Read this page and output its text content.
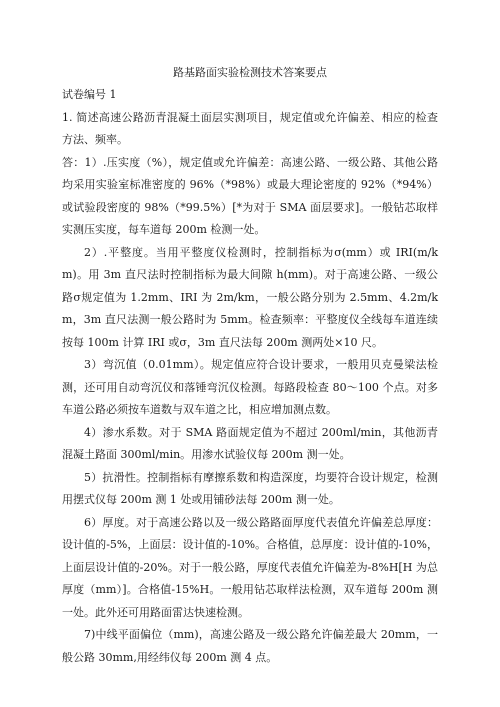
路基路面实验检测技术答案要点

试卷编号 1

1. 简述高速公路沥青混凝土面层实测项目，规定值或允许偏差、相应的检查方法、频率。

答：1）.压实度（%），规定值或允许偏差：高速公路、一级公路、其他公路均采用实验室标准密度的 96%（*98%）或最大理论密度的 92%（*94%）或试验段密度的 98%（*99.5%）[*为对于 SMA 面层要求]。一般钻芯取样实测压实度，每车道每 200m 检测一处。

2）.平整度。当用平整度仪检测时，控制指标为σ(mm）或 IRI(m/km)。用 3m 直尺法时控制指标为最大间隙 h(mm)。对于高速公路、一级公路σ规定值为 1.2mm、IRI 为 2m/km，一般公路分别为 2.5mm、4.2m/km，3m 直尺法测一般公路时为 5mm。检查频率：平整度仪全线每车道连续按每 100m 计算 IRI 或σ，3m 直尺法每 200m 测两处×10 尺。

3）弯沉值（0.01mm）。规定值应符合设计要求，一般用贝克曼梁法检测，还可用自动弯沉仪和落锤弯沉仪检测。每路段检查 80～100 个点。对多车道公路必须按车道数与双车道之比，相应增加测点数。

4）渗水系数。对于 SMA 路面规定值为不超过 200ml/min，其他沥青混凝土路面 300ml/min。用渗水试验仪每 200m 测一处。

5）抗滑性。控制指标有摩擦系数和构造深度，均要符合设计规定，检测用摆式仪每 200m 测 1 处或用铺砂法每 200m 测一处。

6）厚度。对于高速公路以及一级公路路面厚度代表值允许偏差总厚度：设计值的-5%，上面层：设计值的-10%。合格值，总厚度：设计值的-10%，上面层设计值的-20%。对于一般公路，厚度代表值允许偏差为-8%H[H 为总厚度（mm）]。合格值-15%H。一般用钻芯取样法检测，双车道每 200m 测一处。此外还可用路面雷达快速检测。

7)中线平面偏位（mm)，高速公路及一级公路允许偏差最大 20mm，一般公路 30mm,用经纬仪每 200m 测 4 点。
